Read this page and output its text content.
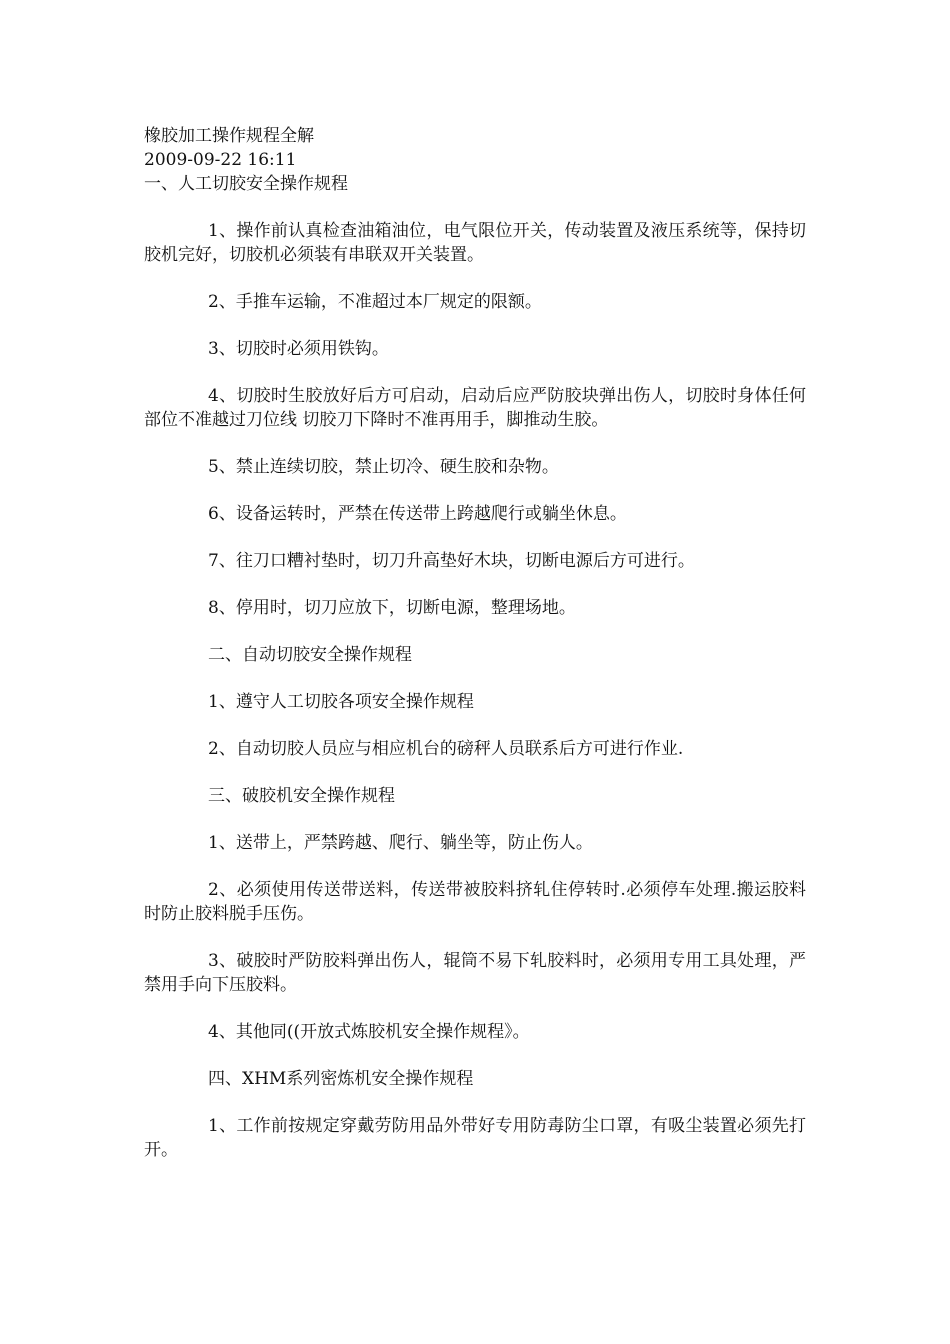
橡胶加工操作规程全解
2009-09-22 16:11
一、人工切胶安全操作规程

1、操作前认真检查油箱油位，电气限位开关，传动装置及液压系统等，保持切胶机完好，切胶机必须装有串联双开关装置。

2、手推车运输，不准超过本厂规定的限额。

3、切胶时必须用铁钩。

4、切胶时生胶放好后方可启动，启动后应严防胶块弹出伤人，切胶时身体任何部位不准越过刀位线 切胶刀下降时不准再用手，脚推动生胶。

5、禁止连续切胶，禁止切冷、硬生胶和杂物。

6、设备运转时，严禁在传送带上跨越爬行或躺坐休息。

7、往刀口糟衬垫时，切刀升高垫好木块，切断电源后方可进行。

8、停用时，切刀应放下，切断电源，整理场地。

二、自动切胶安全操作规程

1、遵守人工切胶各项安全操作规程

2、自动切胶人员应与相应机台的磅秤人员联系后方可进行作业.

三、破胶机安全操作规程

1、送带上，严禁跨越、爬行、躺坐等，防止伤人。

2、必须使用传送带送料，传送带被胶料挤轧住停转时.必须停车处理.搬运胶料时防止胶料脱手压伤。

3、破胶时严防胶料弹出伤人，辊筒不易下轧胶料时，必须用专用工具处理，严禁用手向下压胶料。

4、其他同((开放式炼胶机安全操作规程》。

四、XHM系列密炼机安全操作规程

1、工作前按规定穿戴劳防用品外带好专用防毒防尘口罩，有吸尘装置必须先打开。
